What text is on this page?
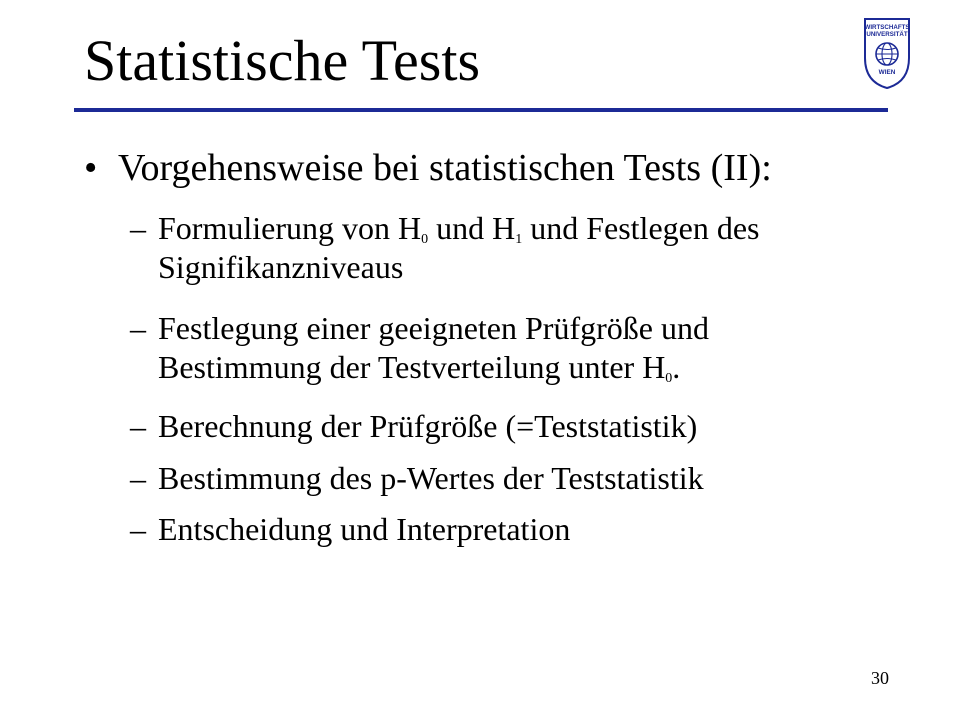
Statistische Tests
WIRTSCHAFTS
UNIVERSITÄT
WIEN
• Vorgehensweise bei statistischen Tests (II):
– Formulierung von $H_0$ und $H_1$ und Festlegen des Signifikanzniveaus
– Festlegung einer geeigneten Prüfgröße und Bestimmung der Testverteilung unter $H_0$.
– Berechnung der Prüfgröße (=Teststatistik)
– Bestimmung des p-Wertes der Teststatistik
– Entscheidung und Interpretation
30
